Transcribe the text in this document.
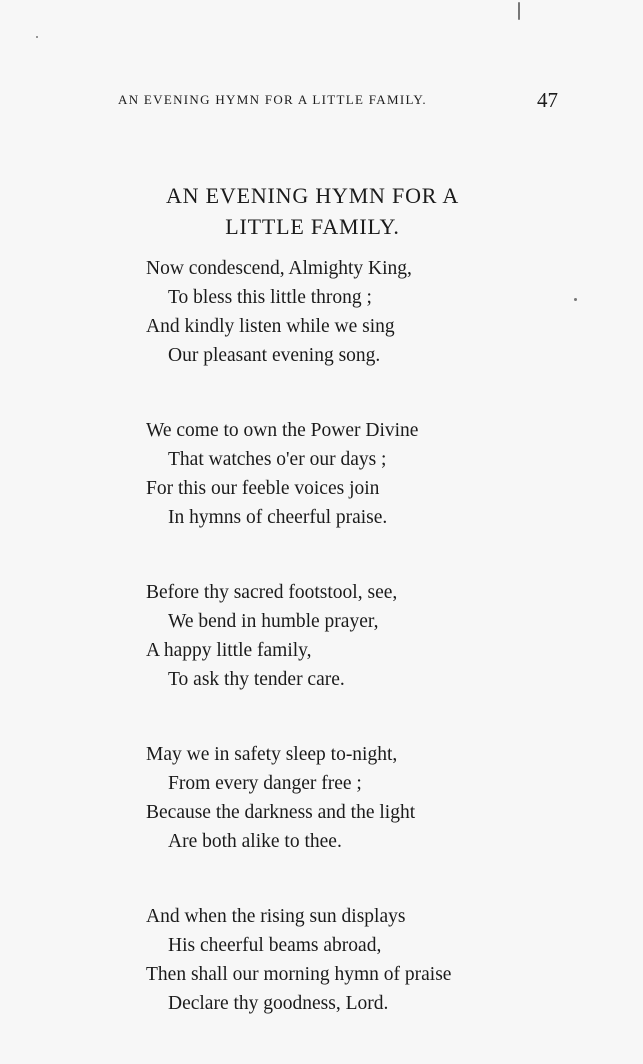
AN EVENING HYMN FOR A LITTLE FAMILY.	47
AN EVENING HYMN FOR A
LITTLE FAMILY.
Now condescend, Almighty King,
To bless this little throng ;
And kindly listen while we sing
Our pleasant evening song.
We come to own the Power Divine
That watches o'er our days ;
For this our feeble voices join
In hymns of cheerful praise.
Before thy sacred footstool, see,
We bend in humble prayer,
A happy little family,
To ask thy tender care.
May we in safety sleep to-night,
From every danger free ;
Because the darkness and the light
Are both alike to thee.
And when the rising sun displays
His cheerful beams abroad,
Then shall our morning hymn of praise
Declare thy goodness, Lord.
